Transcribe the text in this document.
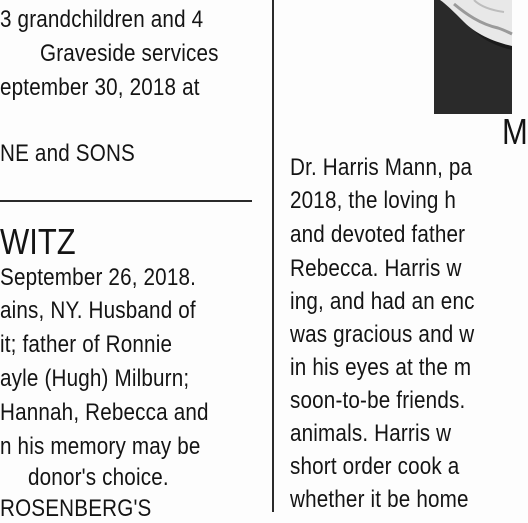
3 grandchildren and 4
Graveside services
eptember 30, 2018 at
NE and SONS
WITZ
September 26, 2018.
ains, NY. Husband of
it; father of Ronnie
ayle (Hugh) Milburn;
Hannah, Rebecca and
n his memory may be
donor's choice.
ROSENBERG'S
M
Dr. Harris Mann, pa
2018, the loving h
and devoted father
Rebecca. Harris w
ing, and had an enc
was gracious and w
in his eyes at the m
soon-to-be friends.
animals. Harris w
short order cook a
whether it be home
